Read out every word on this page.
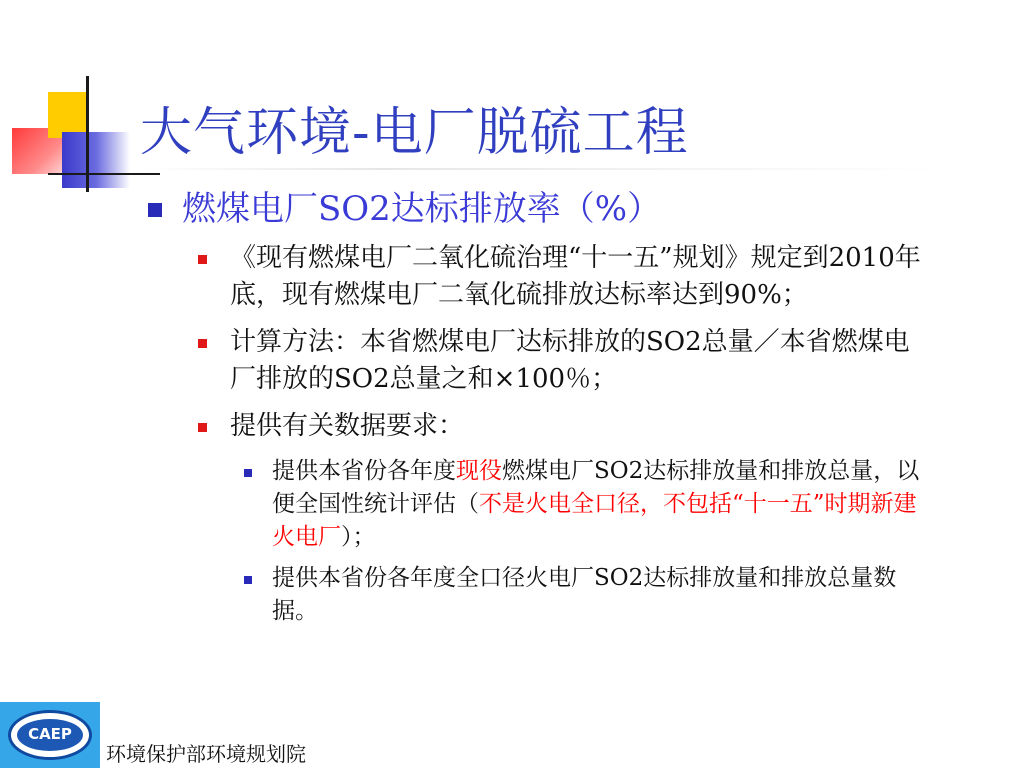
大气环境-电厂脱硫工程
燃煤电厂SO2达标排放率（%）
《现有燃煤电厂二氧化硫治理“十一五”规划》规定到2010年底，现有燃煤电厂二氧化硫排放达标率达到90%；
计算方法：本省燃煤电厂达标排放的SO2总量／本省燃煤电厂排放的SO2总量之和×100％；
提供有关数据要求：
提供本省份各年度现役燃煤电厂SO2达标排放量和排放总量，以便全国性统计评估（不是火电全口径，不包括“十一五”时期新建火电厂）；
提供本省份各年度全口径火电厂SO2达标排放量和排放总量数据。
CAEP
环境保护部环境规划院
